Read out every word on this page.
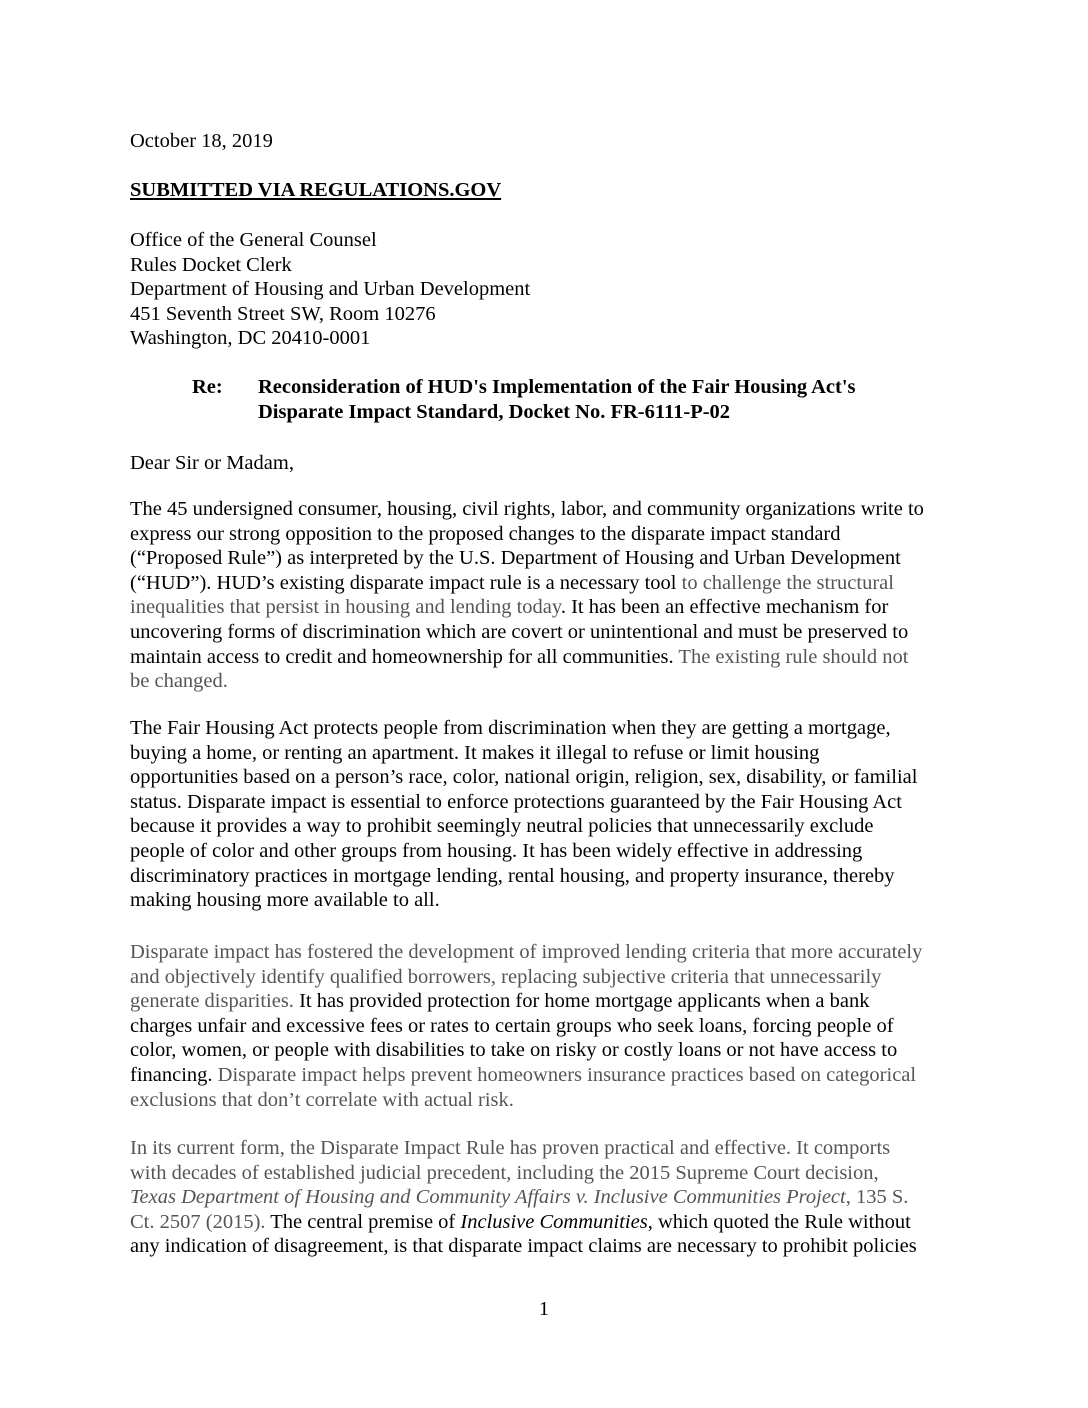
October 18, 2019
SUBMITTED VIA REGULATIONS.GOV
Office of the General Counsel
Rules Docket Clerk
Department of Housing and Urban Development
451 Seventh Street SW, Room 10276
Washington, DC 20410-0001
Re: Reconsideration of HUD's Implementation of the Fair Housing Act's
Disparate Impact Standard, Docket No. FR-6111-P-02
Dear Sir or Madam,
The 45 undersigned consumer, housing, civil rights, labor, and community organizations write to
express our strong opposition to the proposed changes to the disparate impact standard
(“Proposed Rule”) as interpreted by the U.S. Department of Housing and Urban Development
(“HUD”). HUD’s existing disparate impact rule is a necessary tool to challenge the structural
inequalities that persist in housing and lending today. It has been an effective mechanism for
uncovering forms of discrimination which are covert or unintentional and must be preserved to
maintain access to credit and homeownership for all communities. The existing rule should not
be changed.
The Fair Housing Act protects people from discrimination when they are getting a mortgage,
buying a home, or renting an apartment. It makes it illegal to refuse or limit housing
opportunities based on a person’s race, color, national origin, religion, sex, disability, or familial
status. Disparate impact is essential to enforce protections guaranteed by the Fair Housing Act
because it provides a way to prohibit seemingly neutral policies that unnecessarily exclude
people of color and other groups from housing. It has been widely effective in addressing
discriminatory practices in mortgage lending, rental housing, and property insurance, thereby
making housing more available to all.
Disparate impact has fostered the development of improved lending criteria that more accurately
and objectively identify qualified borrowers, replacing subjective criteria that unnecessarily
generate disparities. It has provided protection for home mortgage applicants when a bank
charges unfair and excessive fees or rates to certain groups who seek loans, forcing people of
color, women, or people with disabilities to take on risky or costly loans or not have access to
financing. Disparate impact helps prevent homeowners insurance practices based on categorical
exclusions that don’t correlate with actual risk.
In its current form, the Disparate Impact Rule has proven practical and effective. It comports
with decades of established judicial precedent, including the 2015 Supreme Court decision,
Texas Department of Housing and Community Affairs v. Inclusive Communities Project, 135 S.
Ct. 2507 (2015). The central premise of Inclusive Communities, which quoted the Rule without
any indication of disagreement, is that disparate impact claims are necessary to prohibit policies
1
